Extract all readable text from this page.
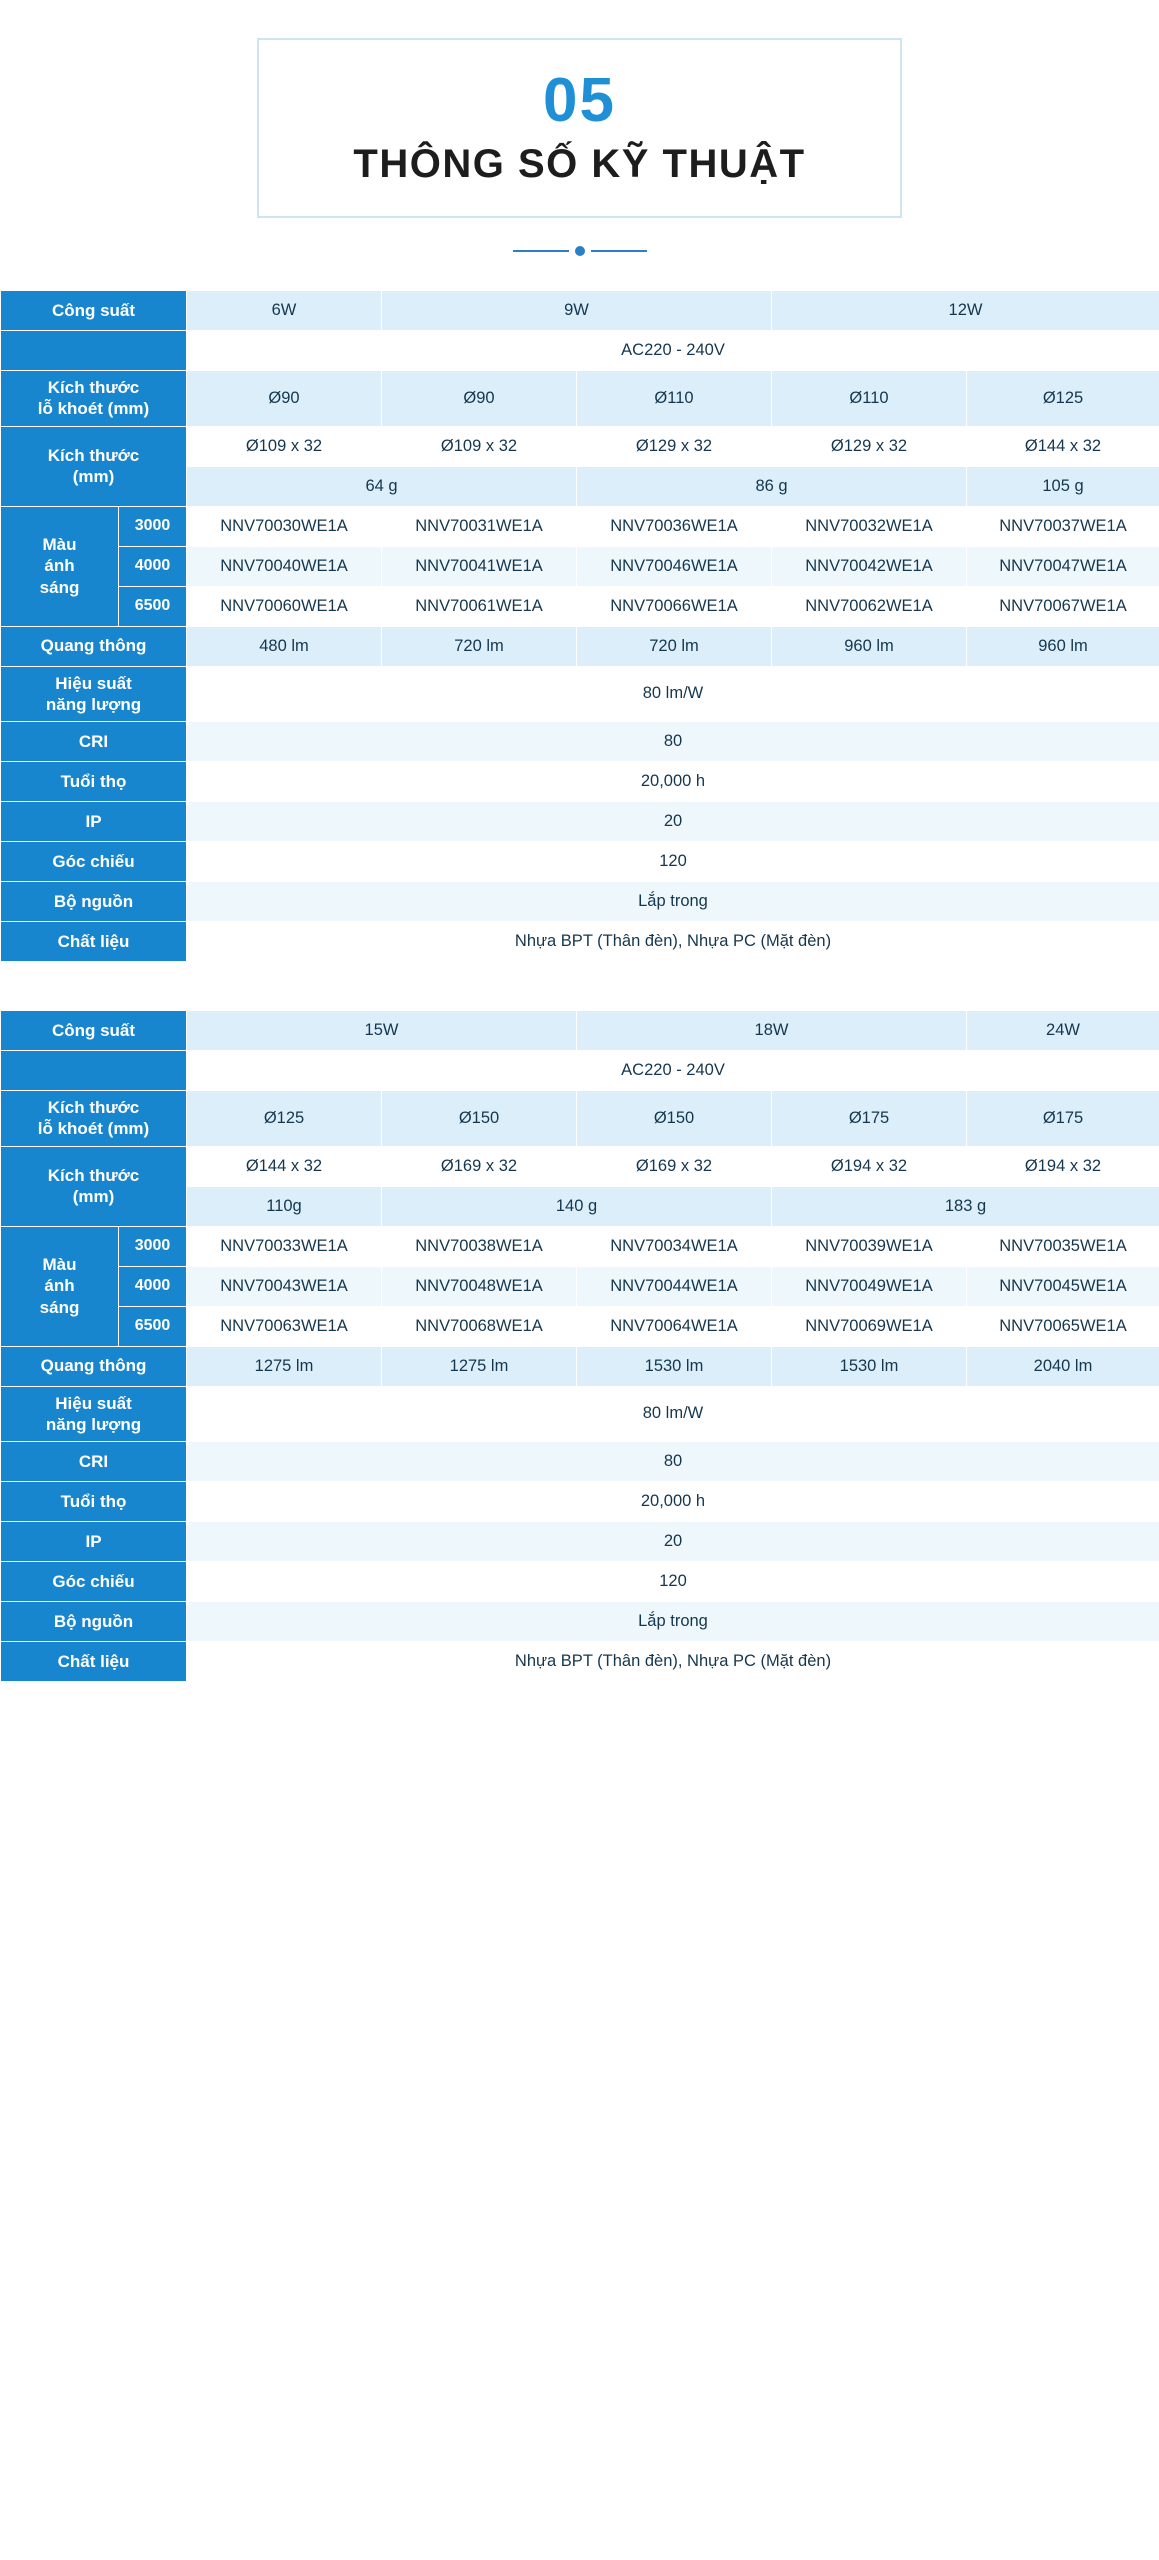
05
THÔNG SỐ KỸ THUẬT
Công suất		6W	9W		12W	
		AC220 - 240V				
Kích thước
lỗ khoét (mm)		Ø90	Ø90	Ø110	Ø110	Ø125
Kích thước
(mm)		Ø109 x 32	Ø109 x 32	Ø129 x 32	Ø129 x 32	Ø144 x 32
		64 g		86 g		105 g
Màu
ánh
sáng	3000	NNV70030WE1A	NNV70031WE1A	NNV70036WE1A	NNV70032WE1A	NNV70037WE1A
	4000	NNV70040WE1A	NNV70041WE1A	NNV70046WE1A	NNV70042WE1A	NNV70047WE1A
	6500	NNV70060WE1A	NNV70061WE1A	NNV70066WE1A	NNV70062WE1A	NNV70067WE1A
Quang thông		480 lm	720 lm	720 lm	960 lm	960 lm
Hiệu suất
năng lượng		80 lm/W				
CRI		80				
Tuổi thọ		20,000 h				
IP		20				
Góc chiếu		120				
Bộ nguồn		Lắp trong				
Chất liệu		Nhựa BPT (Thân đèn), Nhựa PC (Mặt đèn)				
Công suất		15W		18W		24W
		AC220 - 240V				
Kích thước
lỗ khoét (mm)		Ø125	Ø150	Ø150	Ø175	Ø175
Kích thước
(mm)		Ø144 x 32	Ø169 x 32	Ø169 x 32	Ø194 x 32	Ø194 x 32
		110g	140 g		183 g	
Màu
ánh
sáng	3000	NNV70033WE1A	NNV70038WE1A	NNV70034WE1A	NNV70039WE1A	NNV70035WE1A
	4000	NNV70043WE1A	NNV70048WE1A	NNV70044WE1A	NNV70049WE1A	NNV70045WE1A
	6500	NNV70063WE1A	NNV70068WE1A	NNV70064WE1A	NNV70069WE1A	NNV70065WE1A
Quang thông		1275 lm	1275 lm	1530 lm	1530 lm	2040 lm
Hiệu suất
năng lượng		80 lm/W				
CRI		80				
Tuổi thọ		20,000 h				
IP		20				
Góc chiếu		120				
Bộ nguồn		Lắp trong				
Chất liệu		Nhựa BPT (Thân đèn), Nhựa PC (Mặt đèn)				
